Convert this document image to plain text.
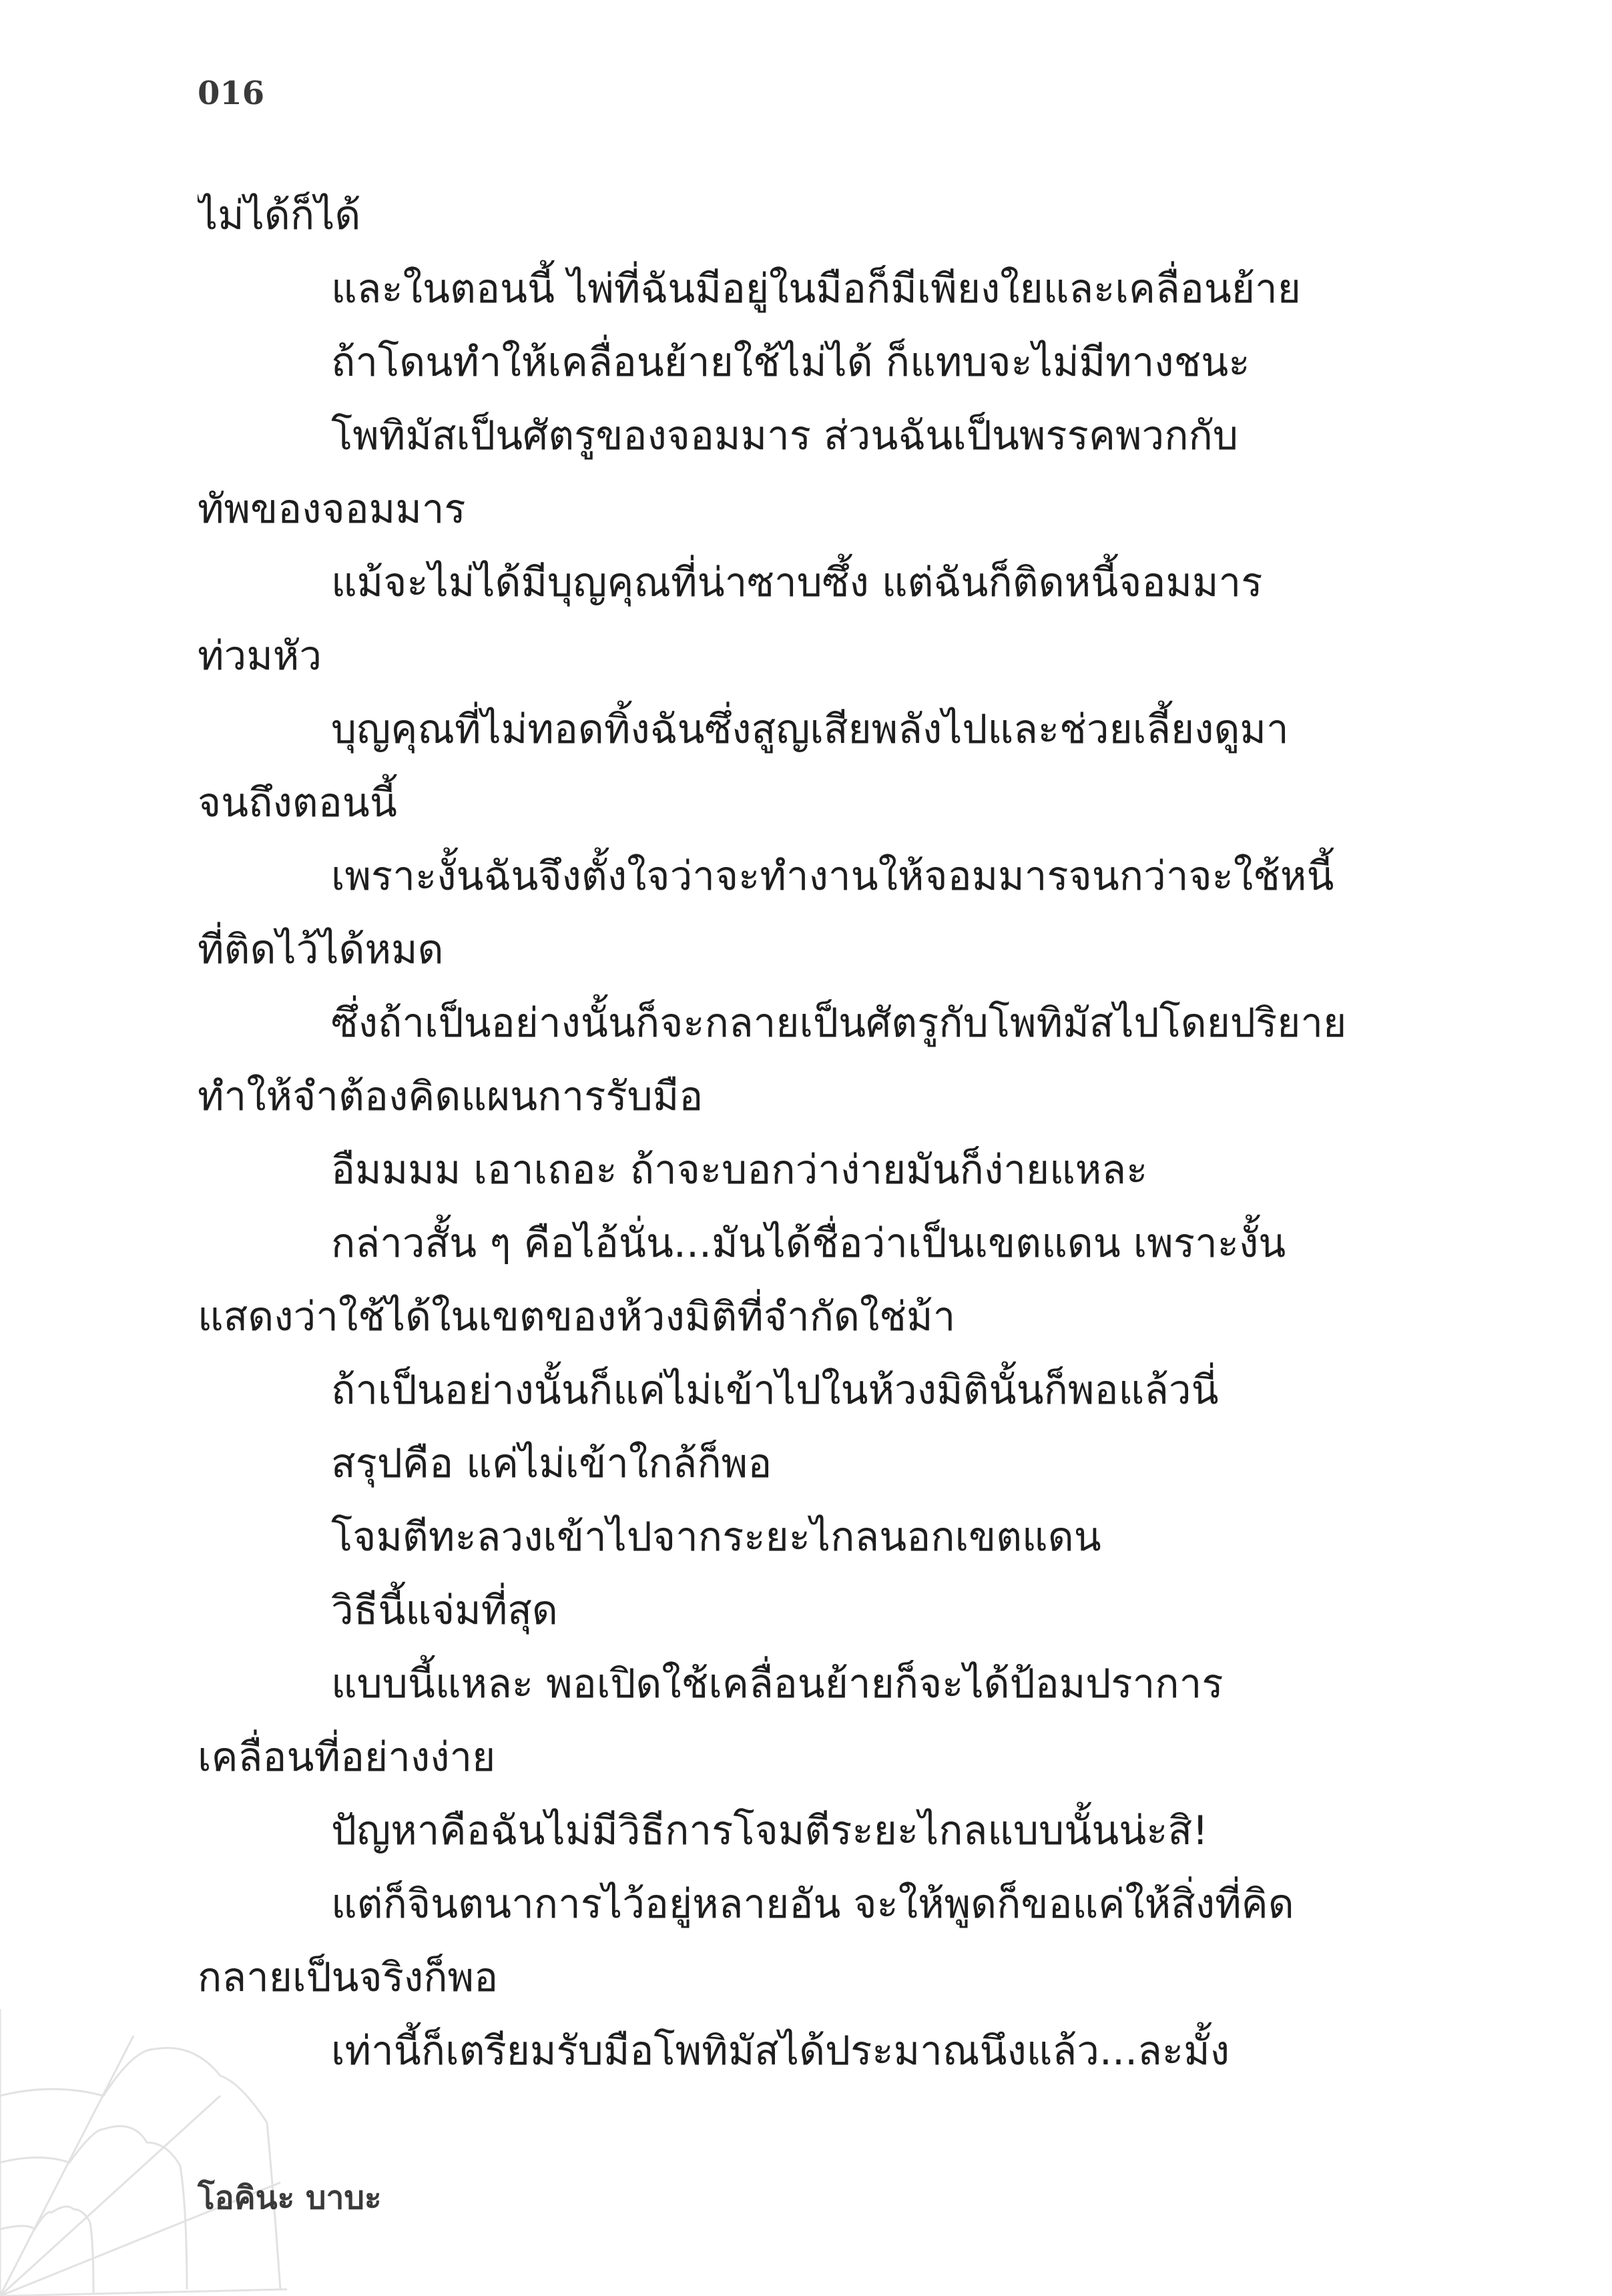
016
ไม่ได้ก็ได้
และในตอนนี้ ไพ่ที่ฉันมีอยู่ในมือก็มีเพียงใยและเคลื่อนย้าย
ถ้าโดนทำให้เคลื่อนย้ายใช้ไม่ได้ ก็แทบจะไม่มีทางชนะ
โพทิมัสเป็นศัตรูของจอมมาร ส่วนฉันเป็นพรรคพวกกับ
ทัพของจอมมาร
แม้จะไม่ได้มีบุญคุณที่น่าซาบซึ้ง แต่ฉันก็ติดหนี้จอมมาร
ท่วมหัว
บุญคุณที่ไม่ทอดทิ้งฉันซึ่งสูญเสียพลังไปและช่วยเลี้ยงดูมา
จนถึงตอนนี้
เพราะงั้นฉันจึงตั้งใจว่าจะทำงานให้จอมมารจนกว่าจะใช้หนี้
ที่ติดไว้ได้หมด
ซึ่งถ้าเป็นอย่างนั้นก็จะกลายเป็นศัตรูกับโพทิมัสไปโดยปริยาย
ทำให้จำต้องคิดแผนการรับมือ
อืมมมม เอาเถอะ ถ้าจะบอกว่าง่ายมันก็ง่ายแหละ
กล่าวสั้น ๆ คือไอ้นั่น...มันได้ชื่อว่าเป็นเขตแดน เพราะงั้น
แสดงว่าใช้ได้ในเขตของห้วงมิติที่จำกัดใช่ม้า
ถ้าเป็นอย่างนั้นก็แค่ไม่เข้าไปในห้วงมิตินั้นก็พอแล้วนี่
สรุปคือ แค่ไม่เข้าใกล้ก็พอ
โจมตีทะลวงเข้าไปจากระยะไกลนอกเขตแดน
วิธีนี้แจ่มที่สุด
แบบนี้แหละ พอเปิดใช้เคลื่อนย้ายก็จะได้ป้อมปราการ
เคลื่อนที่อย่างง่าย
ปัญหาคือฉันไม่มีวิธีการโจมตีระยะไกลแบบนั้นน่ะสิ!
แต่ก็จินตนาการไว้อยู่หลายอัน จะให้พูดก็ขอแค่ให้สิ่งที่คิด
กลายเป็นจริงก็พอ
เท่านี้ก็เตรียมรับมือโพทิมัสได้ประมาณนึงแล้ว...ละมั้ง
โอคินะ บาบะ
